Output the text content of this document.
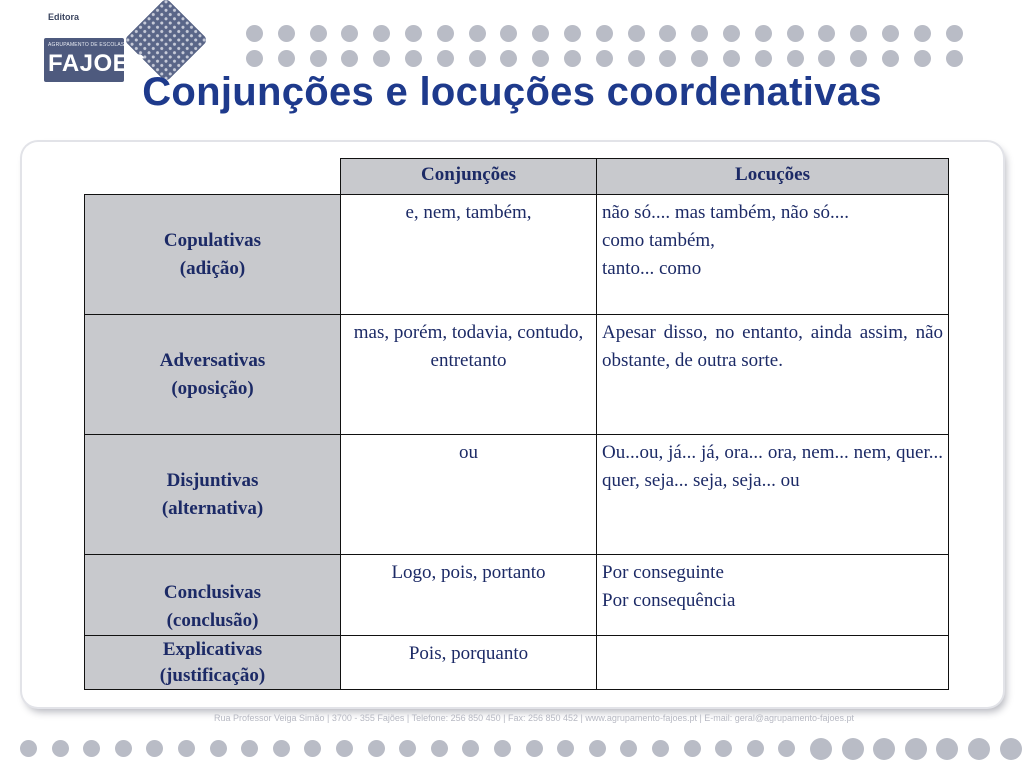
Editora
AGRUPAMENTO DE ESCOLAS
FAJOES
Conjunções e locuções coordenativas
	Conjunções	Locuções

Copulativas
(adição)	e, nem, também,	não só.... mas também, não só....
como também,
tanto... como

Adversativas
(oposição)	mas, porém, todavia, contudo, entretanto	Apesar disso, no entanto, ainda assim, não obstante, de outra sorte.

Disjuntivas
(alternativa)	ou	Ou...ou, já... já, ora... ora, nem... nem, quer... quer, seja... seja, seja... ou

Conclusivas
(conclusão)	Logo, pois, portanto	Por conseguinte
Por consequência

Explicativas
(justificação)	Pois, porquanto	
Rua Professor Veiga Simão | 3700 - 355 Fajões | Telefone: 256 850 450 | Fax: 256 850 452 | www.agrupamento-fajoes.pt | E-mail: geral@agrupamento-fajoes.pt
